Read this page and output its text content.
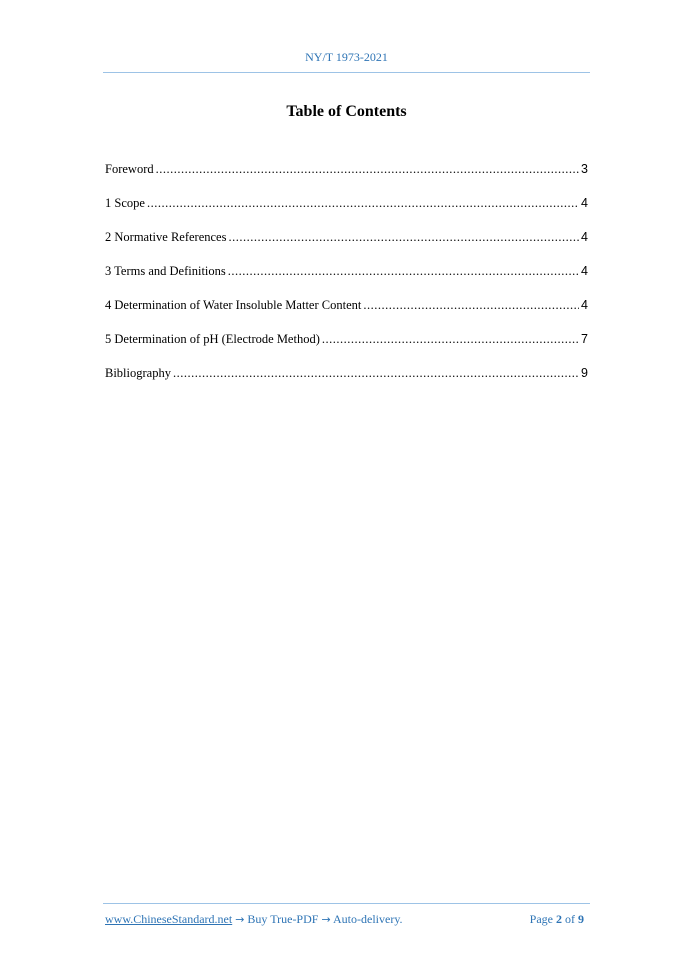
NY/T 1973-2021
Table of Contents
Foreword .....	3
1 Scope .....	4
2 Normative References .....	4
3 Terms and Definitions .....	4
4 Determination of Water Insoluble Matter Content .....	4
5 Determination of pH (Electrode Method) .....	7
Bibliography .....	9
www.ChineseStandard.net → Buy True-PDF → Auto-delivery.	Page 2 of 9
